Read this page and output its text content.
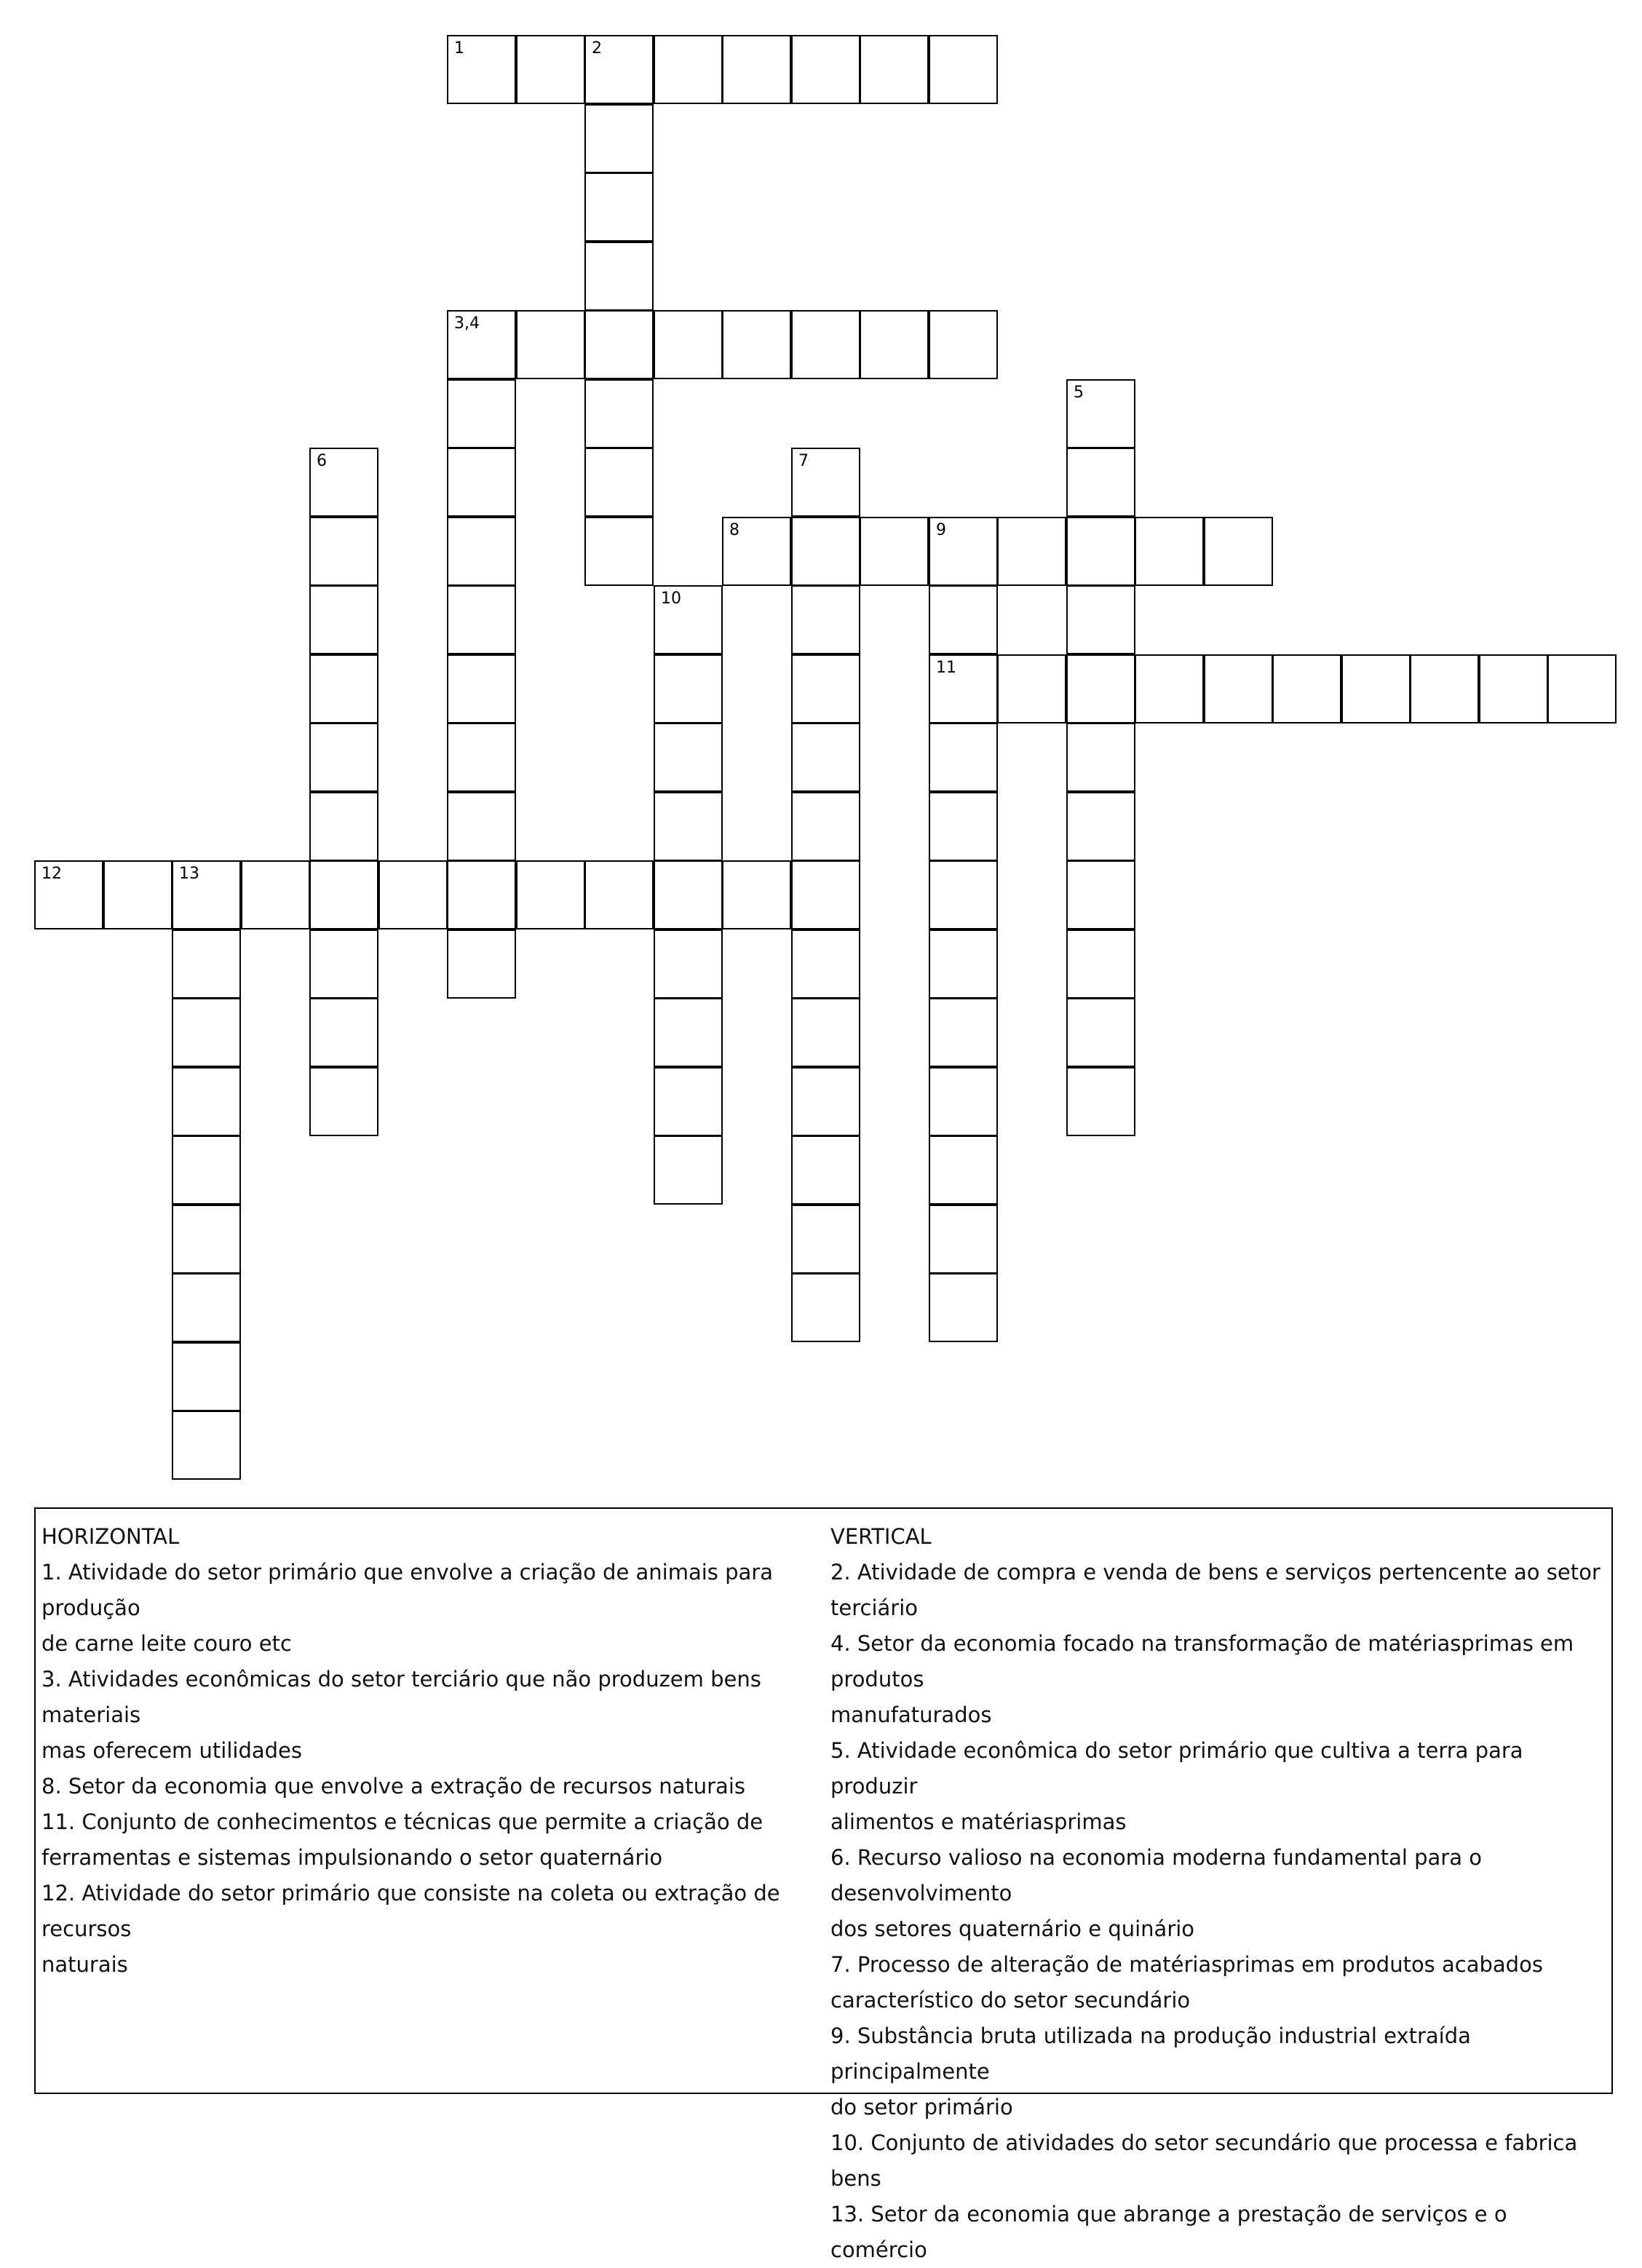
1	2
3,4
5
6	7
8	9
11
10
12	13
HORIZONTAL
1. Atividade do setor primário que envolve a criação de animais para produção
de carne leite couro etc
3. Atividades econômicas do setor terciário que não produzem bens materiais
mas oferecem utilidades
8. Setor da economia que envolve a extração de recursos naturais
11. Conjunto de conhecimentos e técnicas que permite a criação de
ferramentas e sistemas impulsionando o setor quaternário
12. Atividade do setor primário que consiste na coleta ou extração de recursos
naturais
VERTICAL
2. Atividade de compra e venda de bens e serviços pertencente ao setor
terciário
4. Setor da economia focado na transformação de matériasprimas em produtos
manufaturados
5. Atividade econômica do setor primário que cultiva a terra para produzir
alimentos e matériasprimas
6. Recurso valioso na economia moderna fundamental para o desenvolvimento
dos setores quaternário e quinário
7. Processo de alteração de matériasprimas em produtos acabados
característico do setor secundário
9. Substância bruta utilizada na produção industrial extraída principalmente
do setor primário
10. Conjunto de atividades do setor secundário que processa e fabrica bens
13. Setor da economia que abrange a prestação de serviços e o comércio
